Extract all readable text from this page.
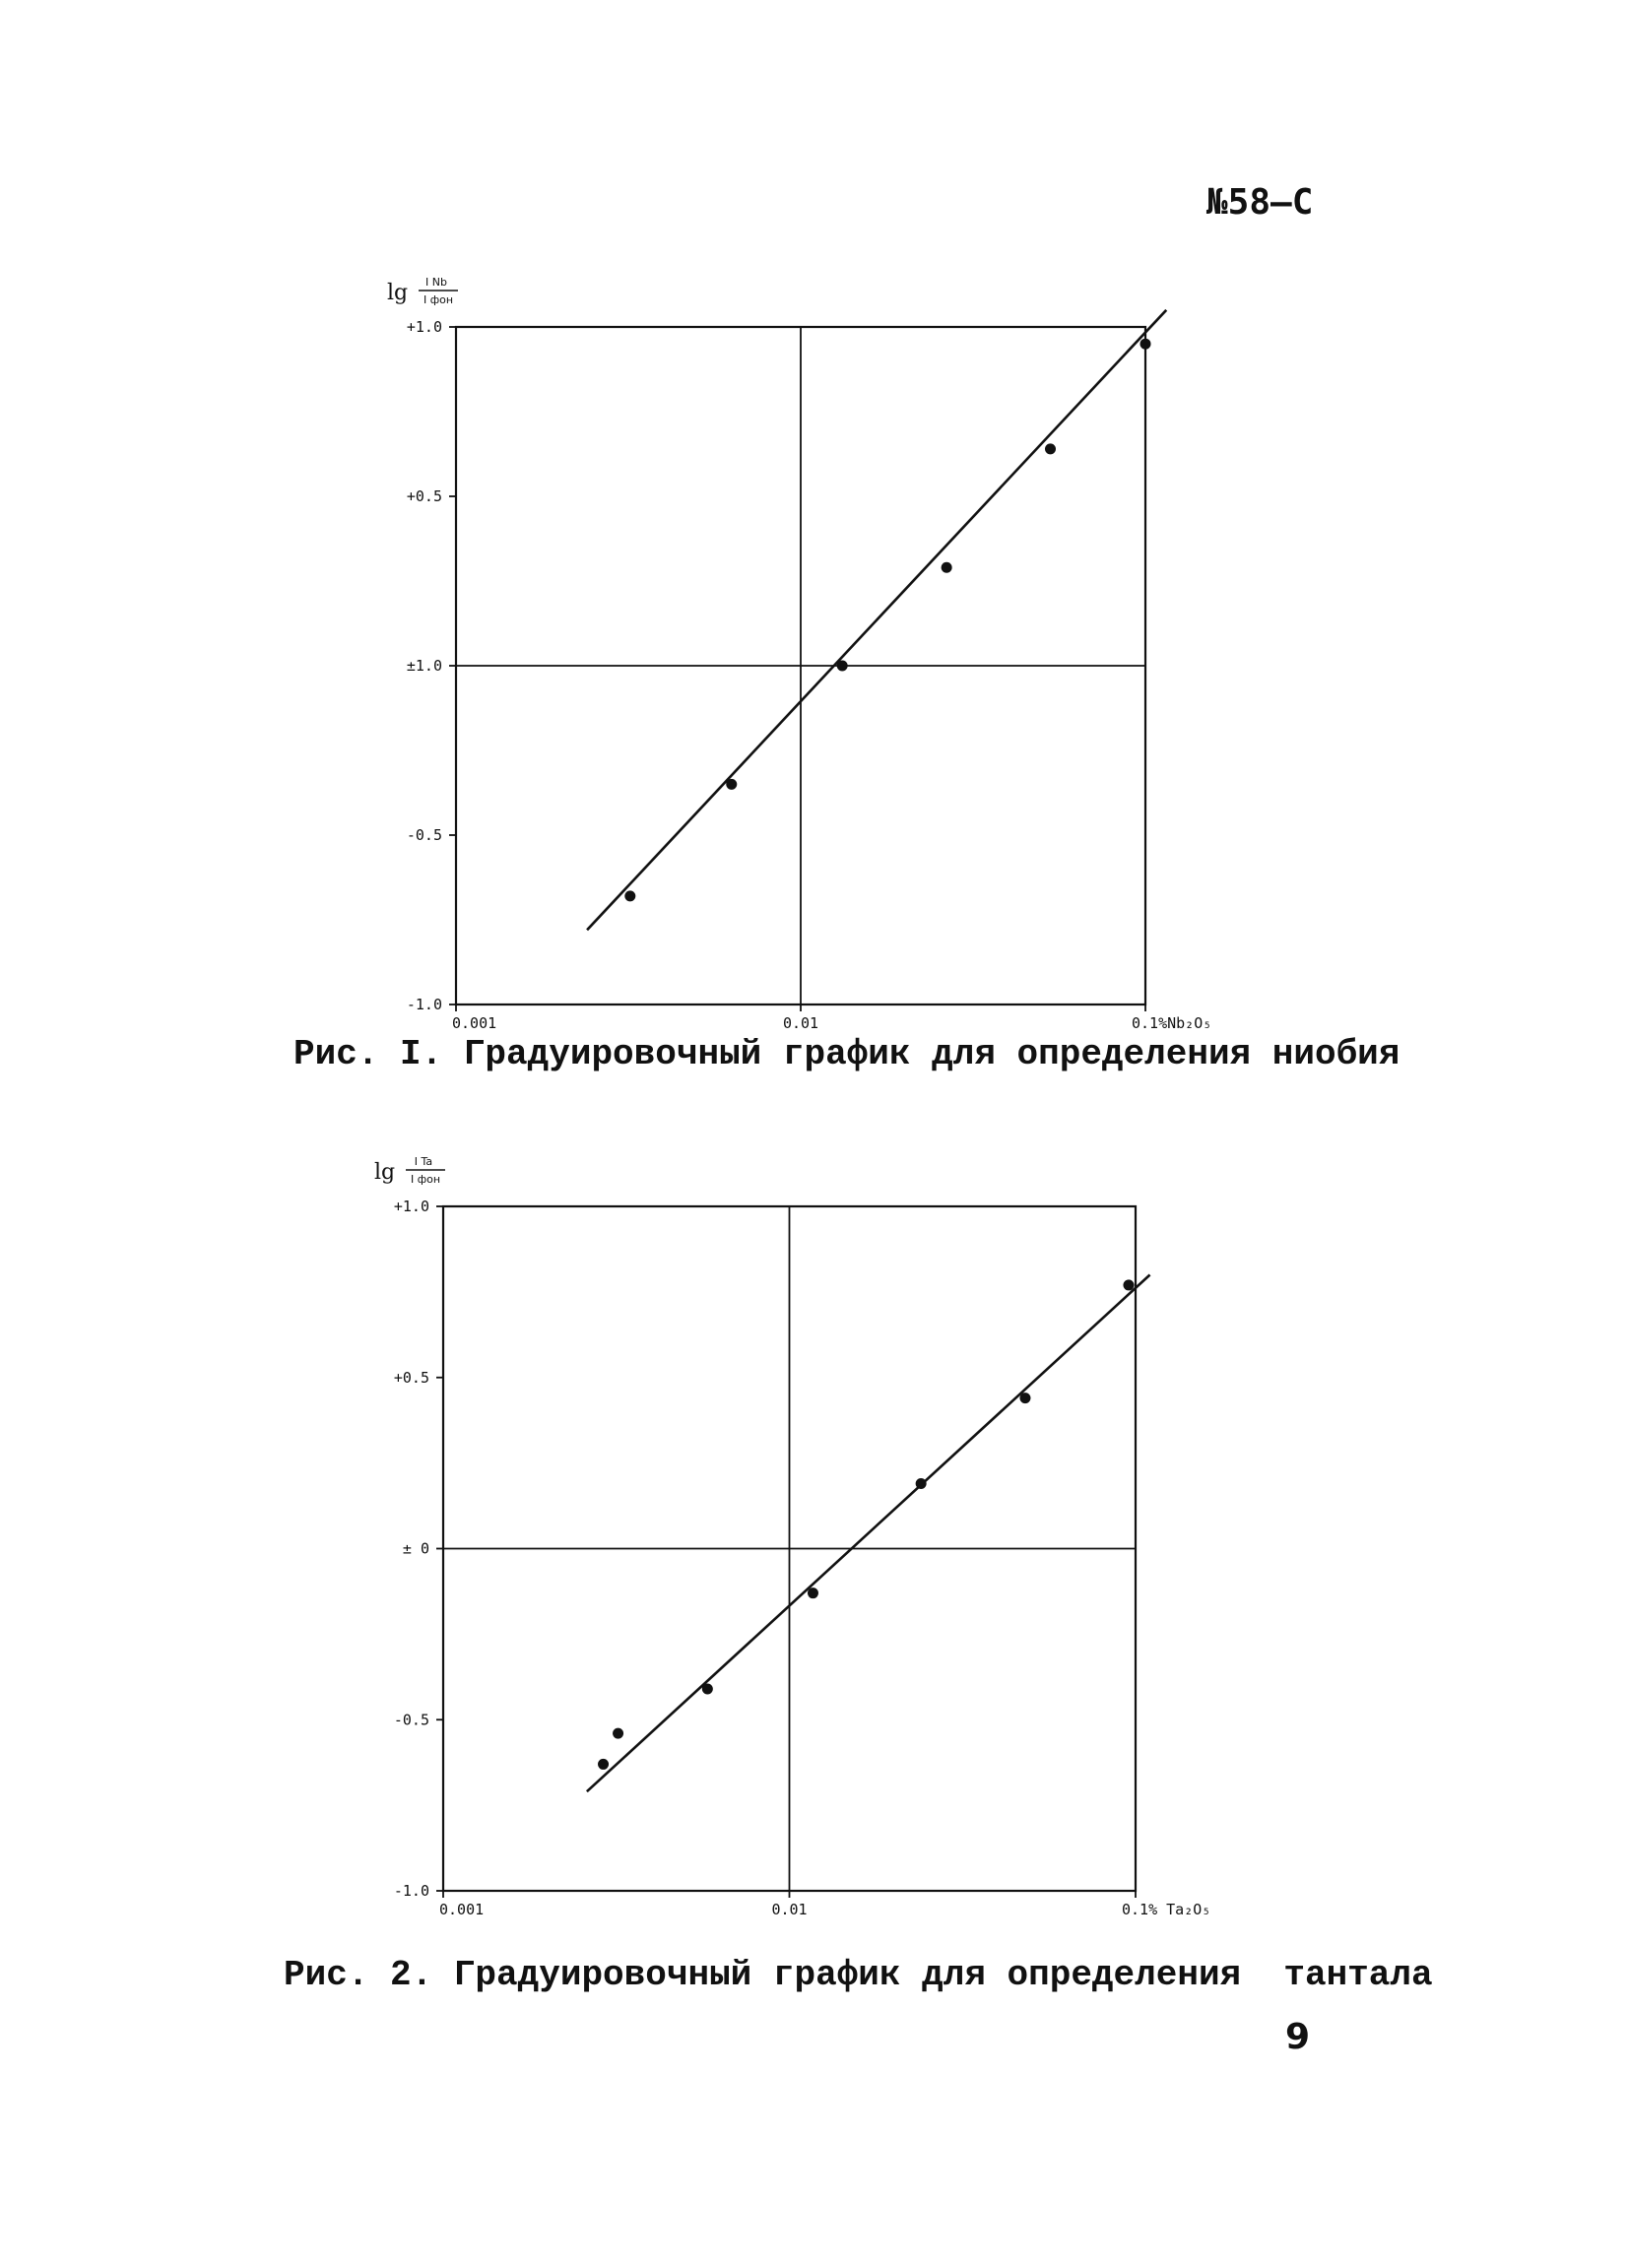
№58–С
+1.0
+0.5
±1.0
-0.5
-1.0
0.001	0.01	0.1%Nb₂O₅
lg I Nb
I фон
Рис. I. Градуировочный график для определения ниобия
+1.0
+0.5
± 0
-0.5
-1.0
0.001	0.01	0.1% Ta₂O₅
lg I Ta
I фон
Рис. 2. Градуировочный график для определения  тантала
9
